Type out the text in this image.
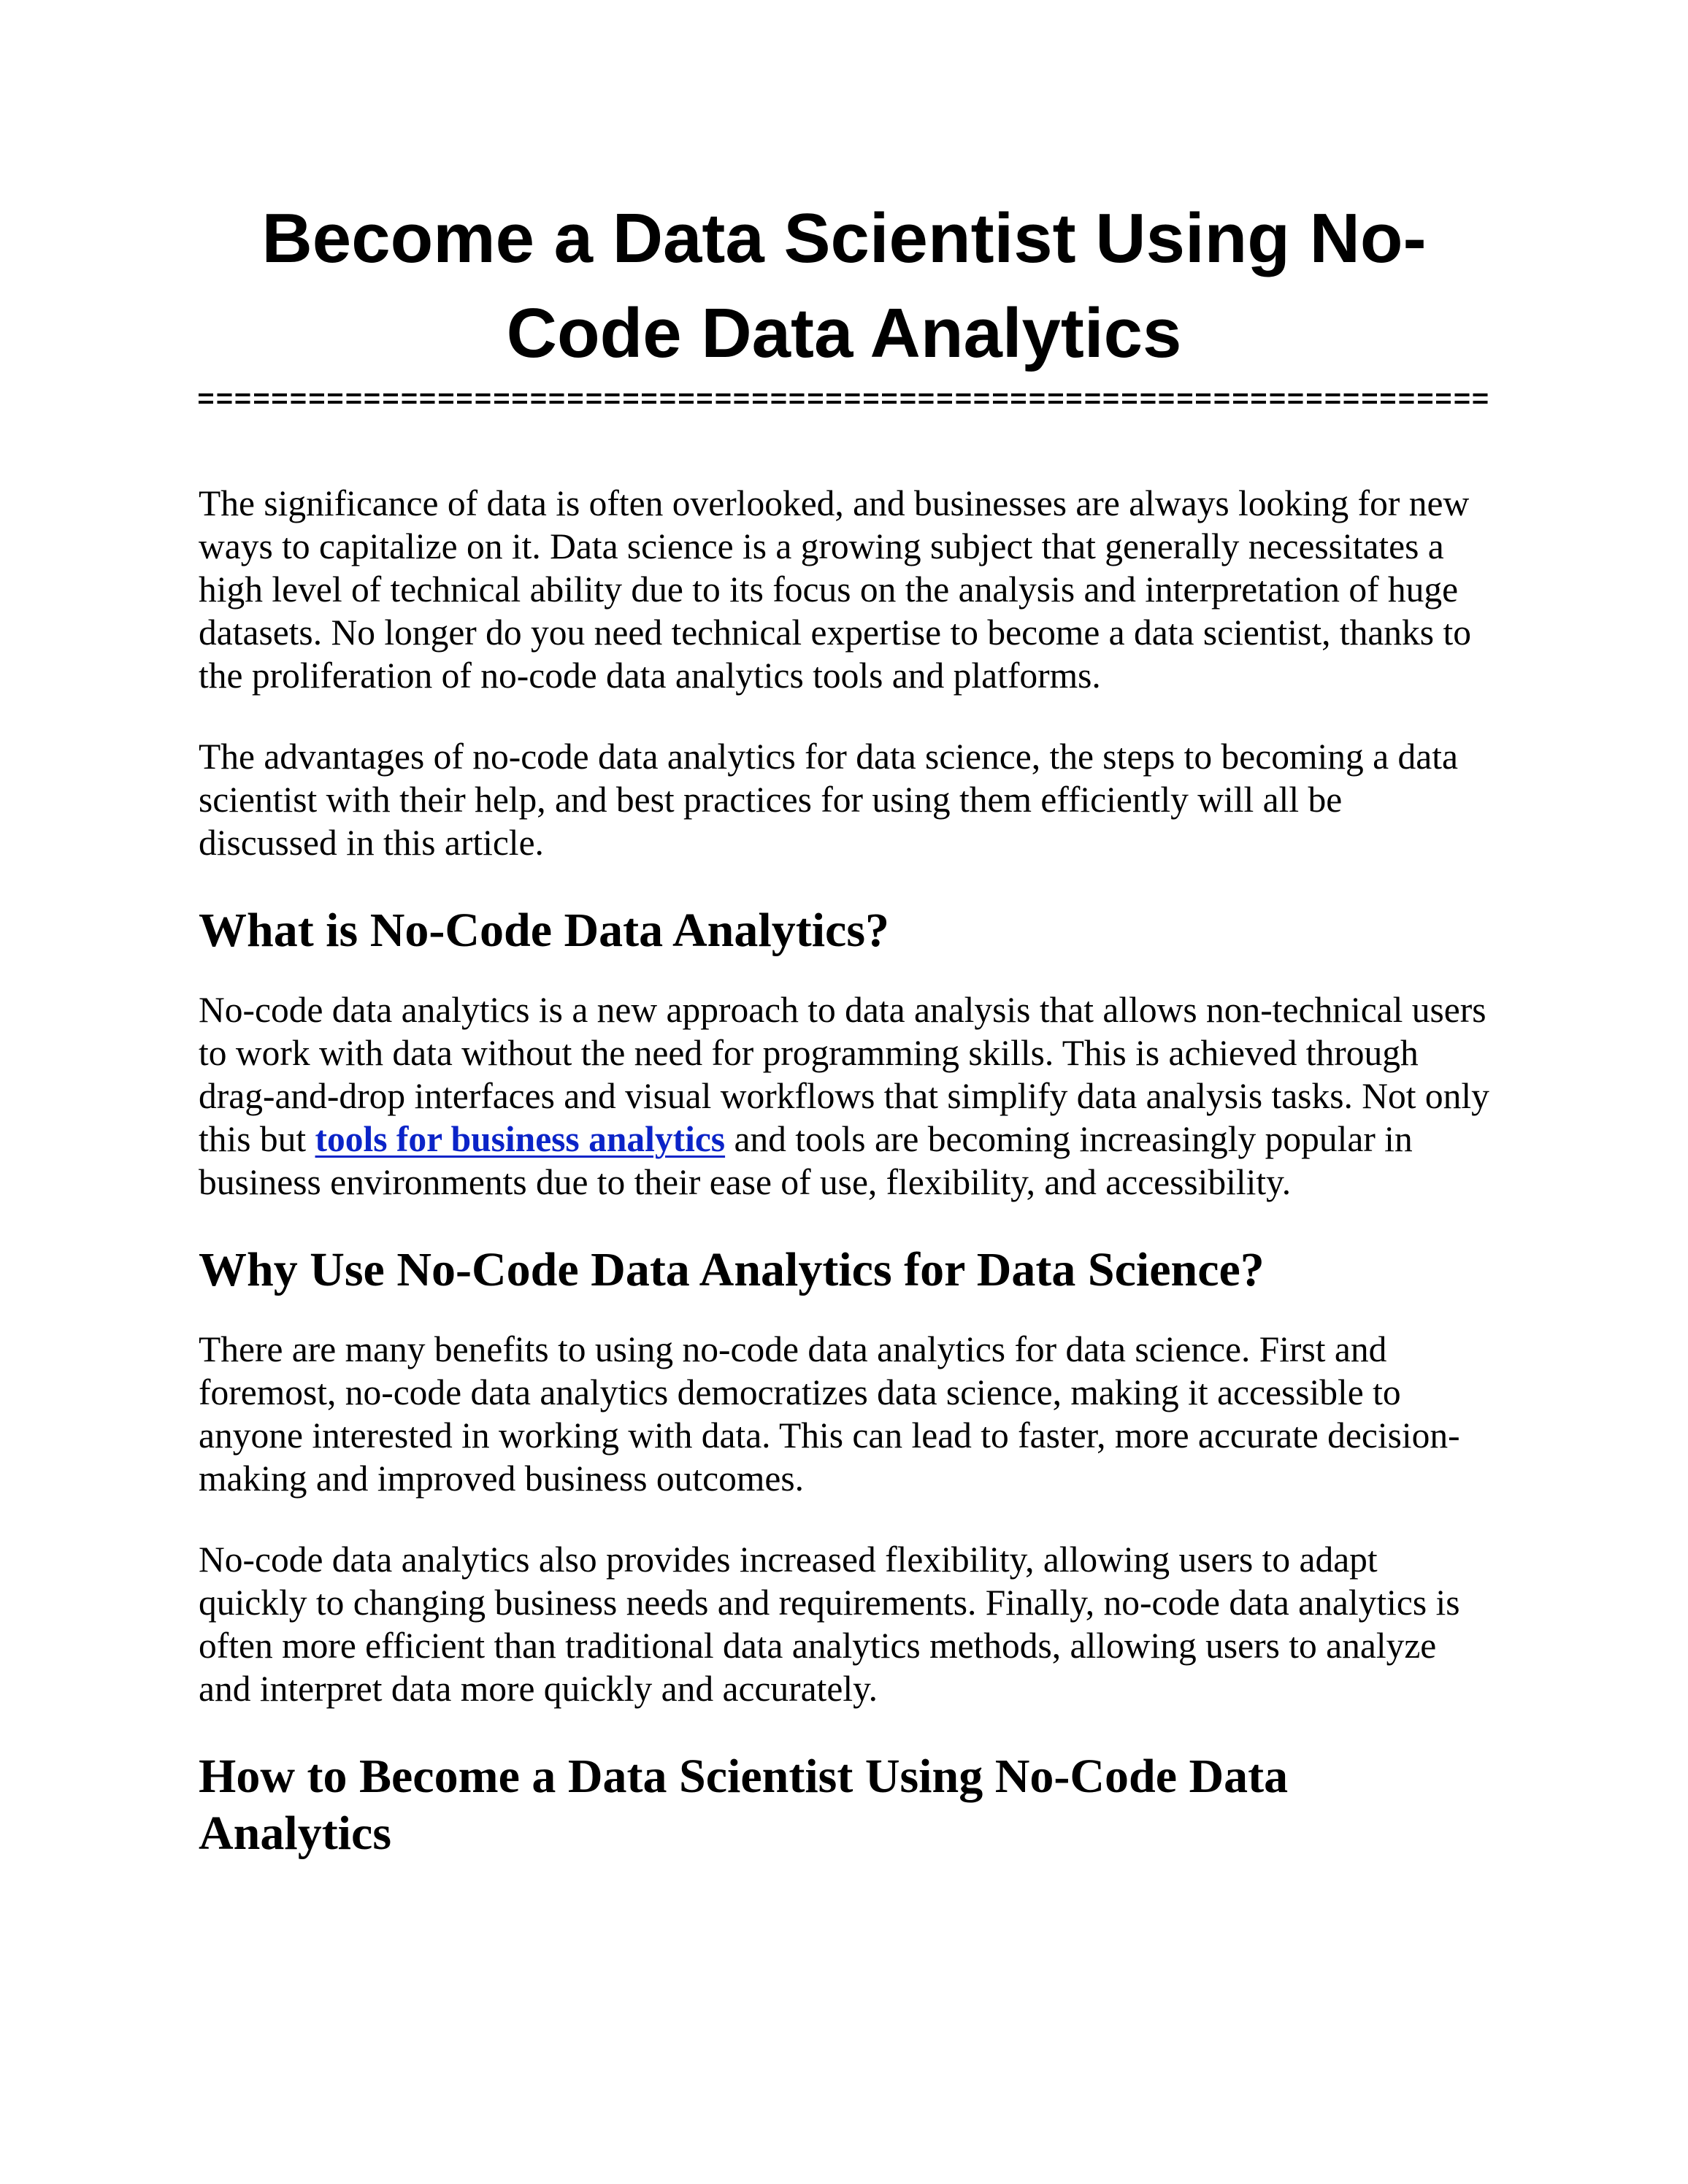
Become a Data Scientist Using No-Code Data Analytics

The significance of data is often overlooked, and businesses are always looking for new ways to capitalize on it. Data science is a growing subject that generally necessitates a high level of technical ability due to its focus on the analysis and interpretation of huge datasets. No longer do you need technical expertise to become a data scientist, thanks to the proliferation of no-code data analytics tools and platforms.

The advantages of no-code data analytics for data science, the steps to becoming a data scientist with their help, and best practices for using them efficiently will all be discussed in this article.

What is No-Code Data Analytics?

No-code data analytics is a new approach to data analysis that allows non-technical users to work with data without the need for programming skills. This is achieved through drag-and-drop interfaces and visual workflows that simplify data analysis tasks. Not only this but tools for business analytics and tools are becoming increasingly popular in business environments due to their ease of use, flexibility, and accessibility.

Why Use No-Code Data Analytics for Data Science?

There are many benefits to using no-code data analytics for data science. First and foremost, no-code data analytics democratizes data science, making it accessible to anyone interested in working with data. This can lead to faster, more accurate decision-making and improved business outcomes.

No-code data analytics also provides increased flexibility, allowing users to adapt quickly to changing business needs and requirements. Finally, no-code data analytics is often more efficient than traditional data analytics methods, allowing users to analyze and interpret data more quickly and accurately.

How to Become a Data Scientist Using No-Code Data Analytics
